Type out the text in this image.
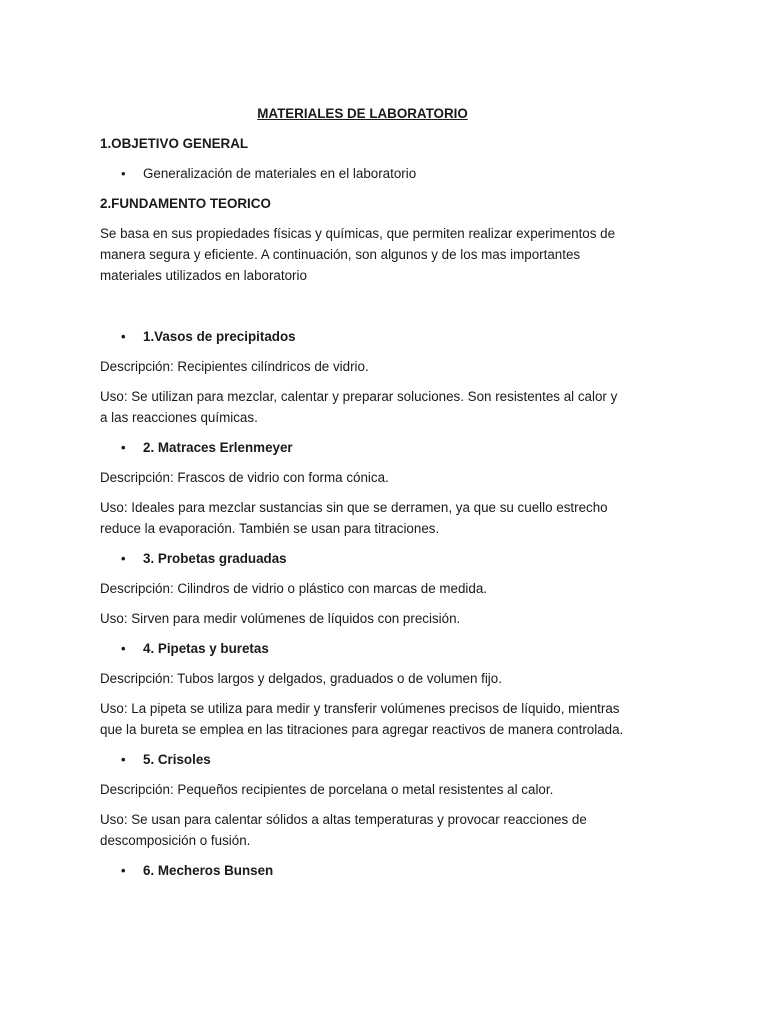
MATERIALES DE LABORATORIO
1.OBJETIVO GENERAL
• Generalización de materiales en el laboratorio
2.FUNDAMENTO TEORICO
Se basa en sus propiedades físicas y químicas, que permiten realizar experimentos de manera segura y eficiente. A continuación, son algunos y de los mas importantes materiales utilizados en laboratorio
• 1.Vasos de precipitados
Descripción: Recipientes cilíndricos de vidrio.
Uso: Se utilizan para mezclar, calentar y preparar soluciones. Son resistentes al calor y a las reacciones químicas.
• 2. Matraces Erlenmeyer
Descripción: Frascos de vidrio con forma cónica.
Uso: Ideales para mezclar sustancias sin que se derramen, ya que su cuello estrecho reduce la evaporación. También se usan para titraciones.
• 3. Probetas graduadas
Descripción: Cilindros de vidrio o plástico con marcas de medida.
Uso: Sirven para medir volúmenes de líquidos con precisión.
• 4. Pipetas y buretas
Descripción: Tubos largos y delgados, graduados o de volumen fijo.
Uso: La pipeta se utiliza para medir y transferir volúmenes precisos de líquido, mientras que la bureta se emplea en las titraciones para agregar reactivos de manera controlada.
• 5. Crisoles
Descripción: Pequeños recipientes de porcelana o metal resistentes al calor.
Uso: Se usan para calentar sólidos a altas temperaturas y provocar reacciones de descomposición o fusión.
• 6. Mecheros Bunsen
